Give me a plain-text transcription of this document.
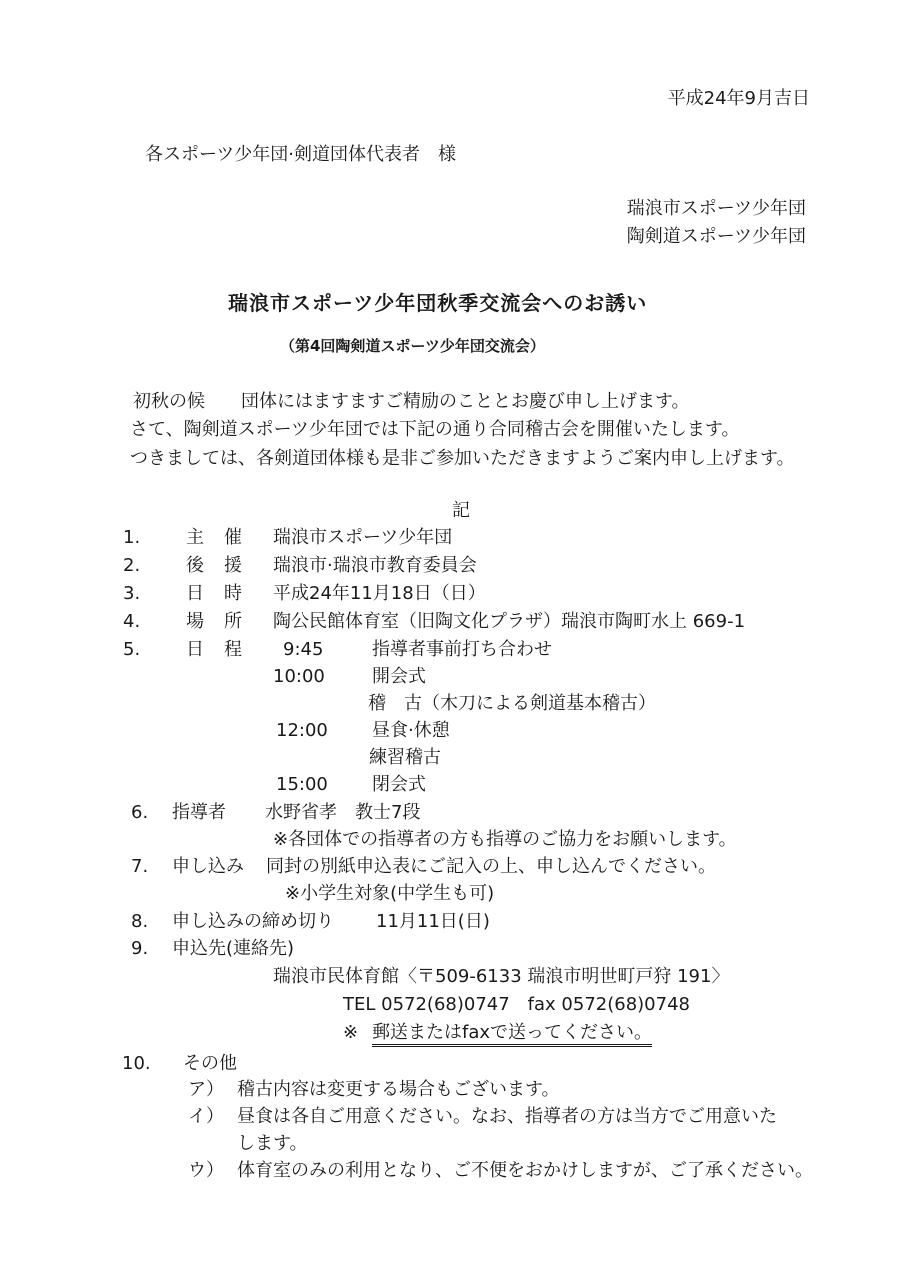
平成24年9月吉日
各スポーツ少年団·剣道団体代表者　様
瑞浪市スポーツ少年団
陶剣道スポーツ少年団
瑞浪市スポーツ少年団秋季交流会へのお誘い
（第4回陶剣道スポーツ少年団交流会）
初秋の候　　団体にはますますご精励のこととお慶び申し上げます。
さて、陶剣道スポーツ少年団では下記の通り合同稽古会を開催いたします。
つきましては、各剣道団体様も是非ご参加いただきますようご案内申し上げます。
記
1.	主　催 瑞浪市スポーツ少年団
2.	後　援 瑞浪市·瑞浪市教育委員会
3.	日　時 平成24年11月18日（日）
4.	場　所 陶公民館体育室（旧陶文化プラザ）瑞浪市陶町水上 669-1
5.	日　程 9:45	指導者事前打ち合わせ
10:00	開会式
稽　古（木刀による剣道基本稽古）
12:00 昼食·休憩
練習稽古
15:00 閉会式
6. 指導者 水野省孝　教士7段
※各団体での指導者の方も指導のご協力をお願いします。
7. 申し込み 同封の別紙申込表にご記入の上、申し込んでください。
※小学生対象(中学生も可)
8. 申し込みの締め切り 11月11日(日)
9. 申込先(連絡先)
瑞浪市民体育館〈〒509-6133 瑞浪市明世町戸狩 191〉
TEL 0572(68)0747　fax 0572(68)0748
※ 郵送またはfaxで送ってください。
10. その他
ア） 稽古内容は変更する場合もございます。
イ） 昼食は各自ご用意ください。なお、指導者の方は当方でご用意いた
します。
ウ） 体育室のみの利用となり、ご不便をおかけしますが、ご了承ください。
